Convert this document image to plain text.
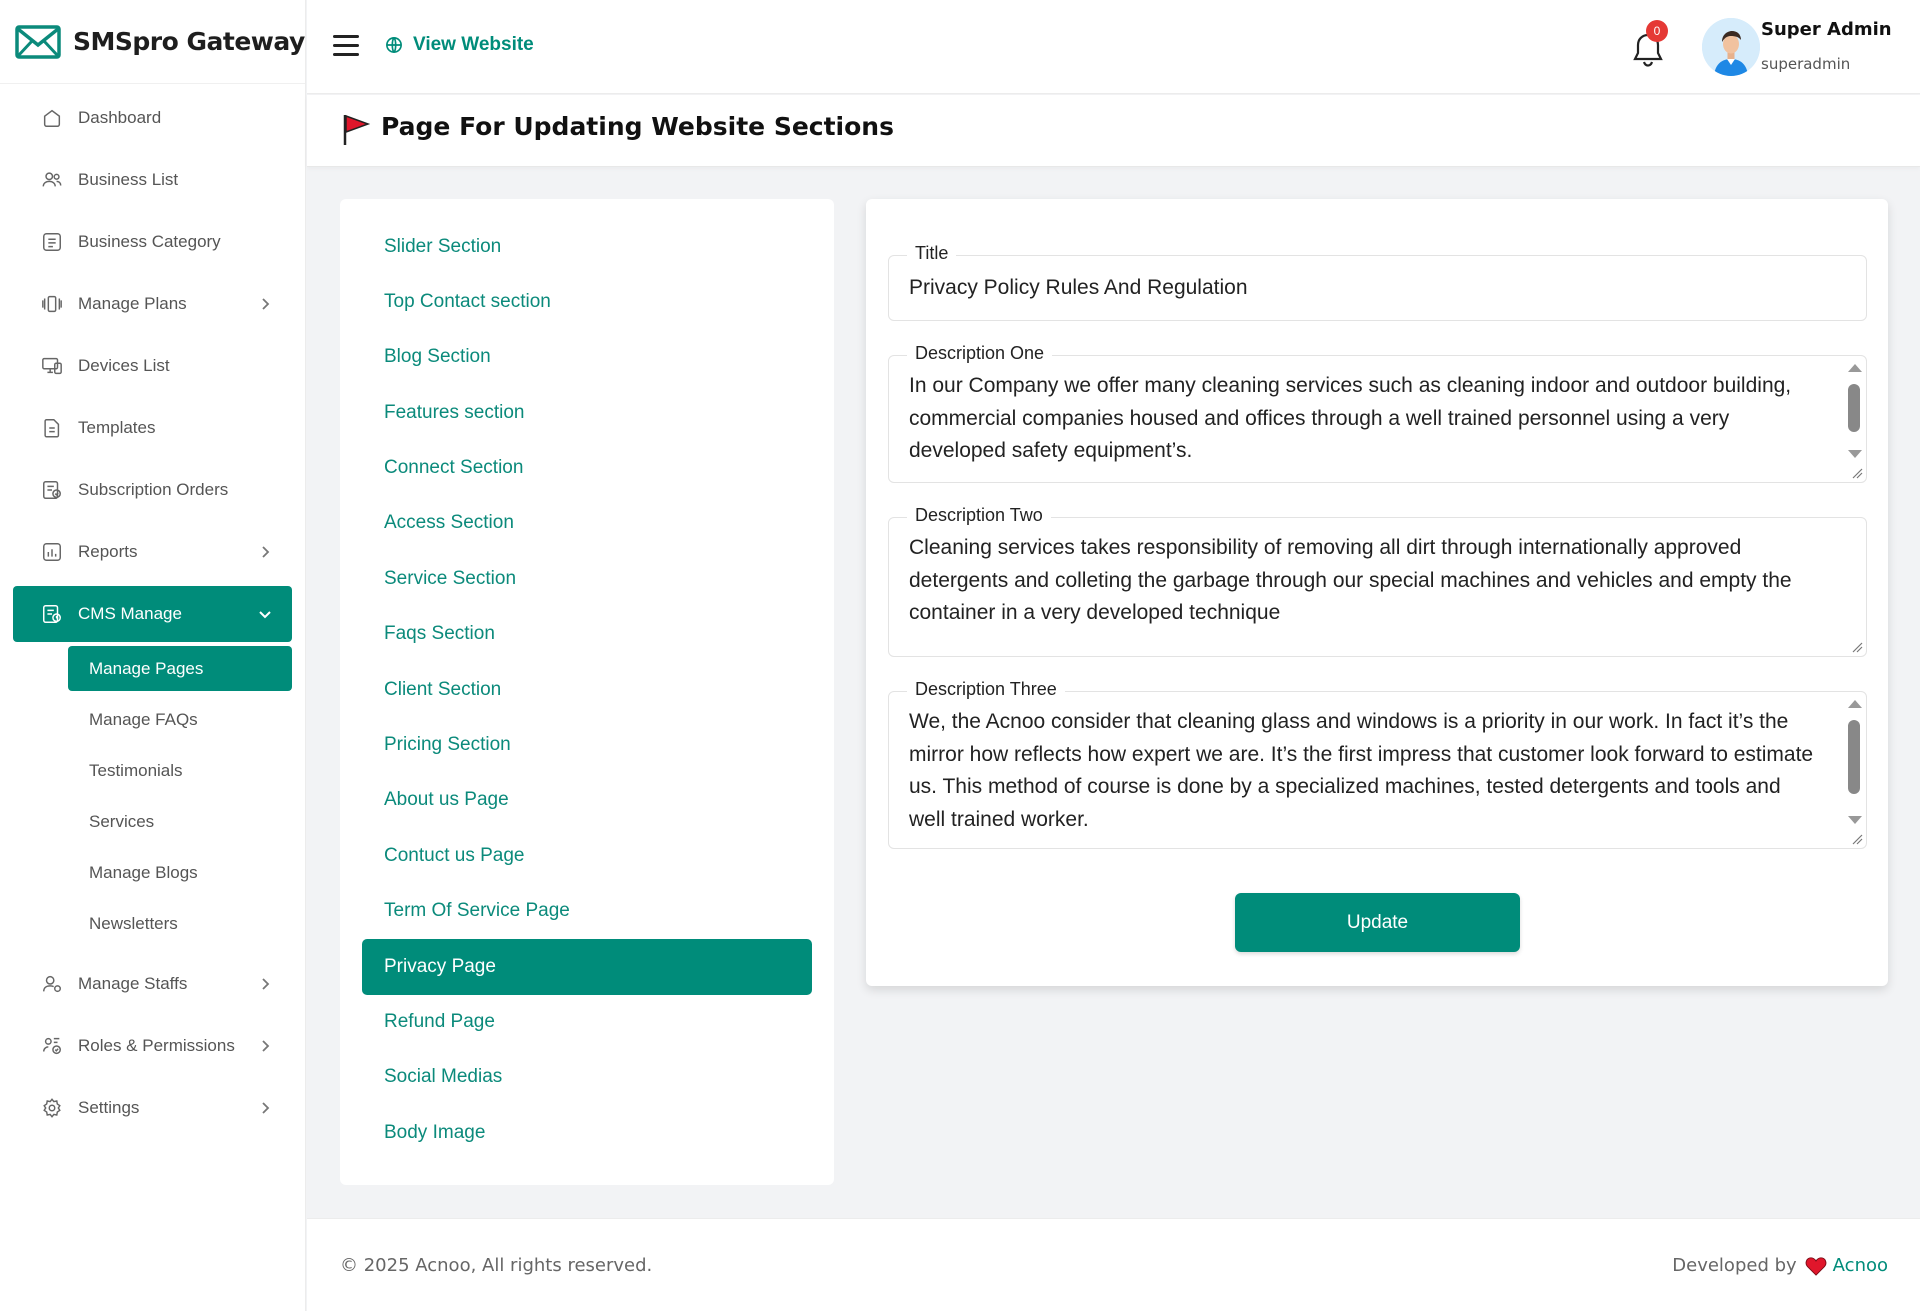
SMSpro Gateway
Dashboard
Business List
Business Category
Manage Plans
Devices List
Templates
Subscription Orders
Reports
CMS Manage
Manage Pages
Manage FAQs
Testimonials
Services
Manage Blogs
Newsletters
Manage Staffs
Roles & Permissions
Settings
View Website
0	Super Admin
superadmin
Page For Updating Website Sections
Slider Section
Top Contact section
Blog Section
Features section
Connect Section
Access Section
Service Section
Faqs Section
Client Section
Pricing Section
About us Page
Contuct us Page
Term Of Service Page
Privacy Page
Refund Page
Social Medias
Body Image
Title
Privacy Policy Rules And Regulation
Description One
In our Company we offer many cleaning services such as cleaning indoor and outdoor building, commercial companies housed and offices through a well trained personnel using a very developed safety equipment’s.
Description Two
Cleaning services takes responsibility of removing all dirt through internationally approved detergents and colleting the garbage through our special machines and vehicles and empty the container in a very developed technique
Description Three
We, the Acnoo consider that cleaning glass and windows is a priority in our work. In fact it’s the mirror how reflects how expert we are. It’s the first impress that customer look forward to estimate us. This method of course is done by a specialized machines, tested detergents and tools and well trained worker.
Update
© 2025 Acnoo, All rights reserved.	Developed by Acnoo
